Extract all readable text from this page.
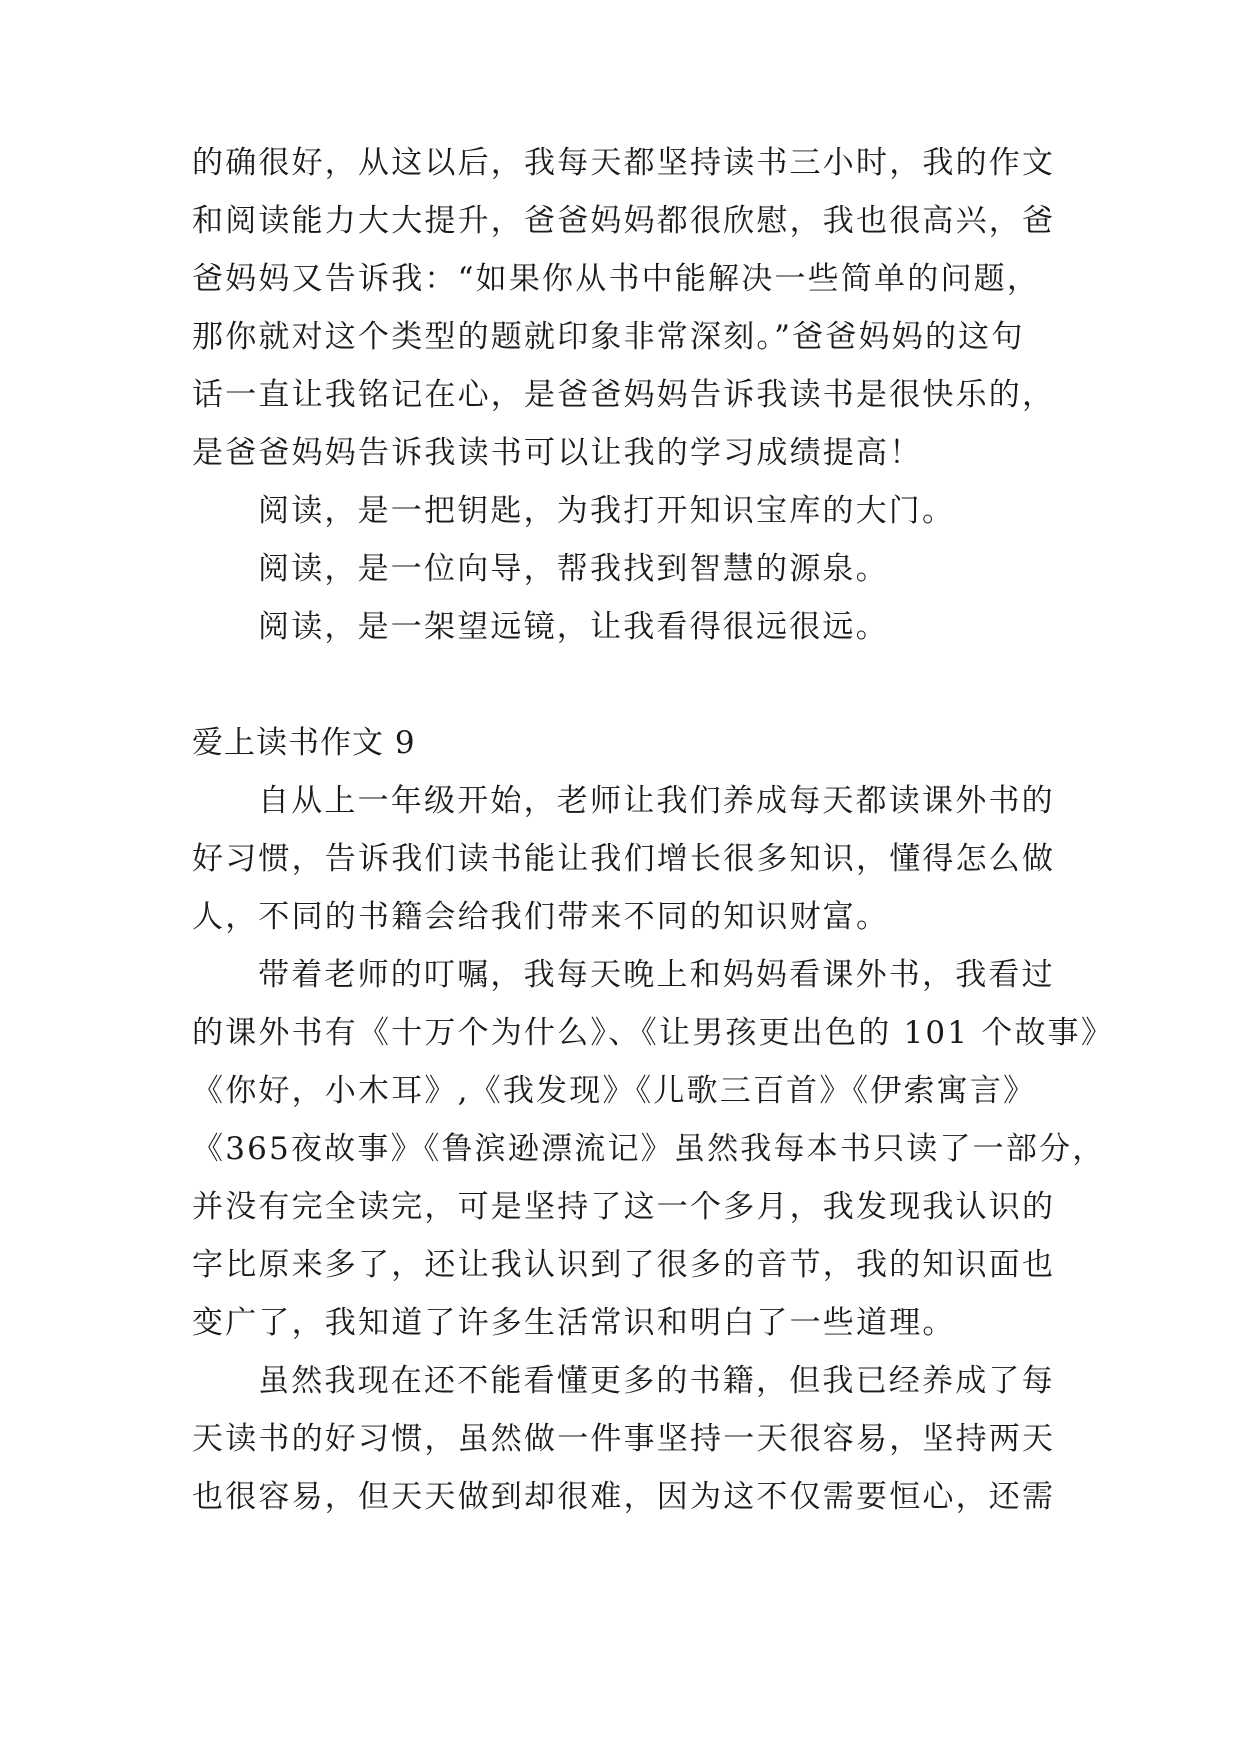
的确很好，从这以后，我每天都坚持读书三小时，我的作文
和阅读能力大大提升，爸爸妈妈都很欣慰，我也很高兴，爸
爸妈妈又告诉我：“如果你从书中能解决一些简单的问题，
那你就对这个类型的题就印象非常深刻。”爸爸妈妈的这句
话一直让我铭记在心，是爸爸妈妈告诉我读书是很快乐的，
是爸爸妈妈告诉我读书可以让我的学习成绩提高！
阅读，是一把钥匙，为我打开知识宝库的大门。
阅读，是一位向导，帮我找到智慧的源泉。
阅读，是一架望远镜，让我看得很远很远。
爱上读书作文 9
自从上一年级开始，老师让我们养成每天都读课外书的
好习惯，告诉我们读书能让我们增长很多知识，懂得怎么做
人，不同的书籍会给我们带来不同的知识财富。
带着老师的叮嘱，我每天晚上和妈妈看课外书，我看过
的课外书有《十万个为什么》、《让男孩更出色的 101 个故事》
《你好，小木耳》,《我发现》《儿歌三百首》《伊索寓言》
《365夜故事》《鲁滨逊漂流记》虽然我每本书只读了一部分，
并没有完全读完，可是坚持了这一个多月，我发现我认识的
字比原来多了，还让我认识到了很多的音节，我的知识面也
变广了，我知道了许多生活常识和明白了一些道理。
虽然我现在还不能看懂更多的书籍，但我已经养成了每
天读书的好习惯，虽然做一件事坚持一天很容易，坚持两天
也很容易，但天天做到却很难，因为这不仅需要恒心，还需
